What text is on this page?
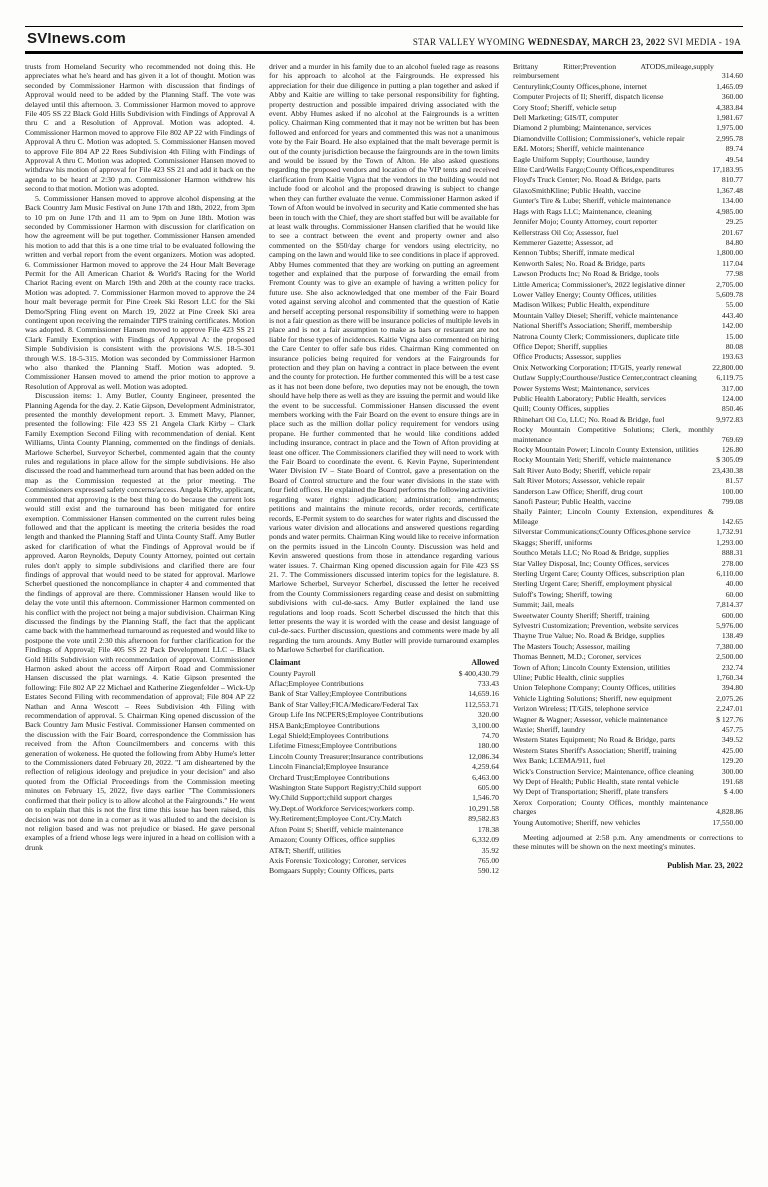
SVInews.com	STAR VALLEY WYOMING WEDNESDAY, MARCH 23, 2022 SVI MEDIA - 19A

trusts from Homeland Security who recommended not doing this. He appreciates what he's heard and has given it a lot of thought. Motion was seconded by Commissioner Harmon with discussion that findings of Approval would need to be added by the Planning Staff. The vote was delayed until this afternoon. 3. Commissioner Harmon moved to approve File 405 SS 22 Black Gold Hills Subdivision with Findings of Approval A thru C and a Resolution of Approval. Motion was adopted. 4. Commissioner Harmon moved to approve File 802 AP 22 with Findings of Approval A thru C. Motion was adopted. 5. Commissioner Hansen moved to approve File 804 AP 22 Rees Subdivision 4th Filing with Findings of Approval A thru C. Motion was adopted. Commissioner Hansen moved to withdraw his motion of approval for File 423 SS 21 and add it back on the agenda to be heard at 2:30 p.m. Commissioner Harmon withdrew his second to that motion. Motion was adopted.

5. Commissioner Hansen moved to approve alcohol dispensing at the Back Country Jam Music Festival on June 17th and 18th, 2022, from 3pm to 10 pm on June 17th and 11 am to 9pm on June 18th. Motion was seconded by Commissioner Harmon with discussion for clarification on how the agreement will be put together. Commissioner Hansen amended his motion to add that this is a one time trial to be evaluated following the written and verbal report from the event organizers. Motion was adopted. 6. Commissioner Harmon moved to approve the 24 Hour Malt Beverage Permit for the All American Chariot & World's Racing for the World Chariot Racing event on March 19th and 20th at the county race tracks. Motion was adopted. 7. Commissioner Harmon moved to approve the 24 hour malt beverage permit for Pine Creek Ski Resort LLC for the Ski Demo/Spring Fling event on March 19, 2022 at Pine Creek Ski area contingent upon receiving the remainder TIPS training certificates. Motion was adopted. 8. Commissioner Hansen moved to approve File 423 SS 21 Clark Family Exemption with Findings of Approval A: the proposed Simple Subdivision is consistent with the provisions W.S. 18-5-301 through W.S. 18-5-315. Motion was seconded by Commissioner Harmon who also thanked the Planning Staff. Motion was adopted. 9. Commissioner Hansen moved to amend the prior motion to approve a Resolution of Approval as well. Motion was adopted.

Discussion items: 1. Amy Butler, County Engineer, presented the Planning Agenda for the day. 2. Katie Gipson, Development Administrator, presented the monthly development report. 3. Emmett Mavy, Planner, presented the following: File 423 SS 21 Angela Clark Kirby – Clark Family Exemption Second Filing with recommendation of denial. Kent Williams, Uinta County Planning, commented on the findings of denials. Marlowe Scherbel, Surveyor Scherbel, commented again that the county rules and regulations in place allow for the simple subdivisions. He also discussed the road and hammerhead turn around that has been added on the map as the Commission requested at the prior meeting. The Commissioners expressed safety concerns/access. Angela Kirby, applicant, commented that approving is the best thing to do because the current lots would still exist and the turnaround has been mitigated for entire exemption. Commissioner Hansen commented on the current rules being followed and that the applicant is meeting the criteria besides the road length and thanked the Planning Staff and Uinta County Staff. Amy Butler asked for clarification of what the Findings of Approval would be if approved. Aaron Reynolds, Deputy County Attorney, pointed out certain rules don't apply to simple subdivisions and clarified there are four findings of approval that would need to be stated for approval. Marlowe Scherbel questioned the noncompliance in chapter 4 and commented that the findings of approval are there. Commissioner Hansen would like to delay the vote until this afternoon. Commissioner Harmon commented on his conflict with the project not being a major subdivision. Chairman King discussed the findings by the Planning Staff, the fact that the applicant came back with the hammerhead turnaround as requested and would like to postpone the vote until 2:30 this afternoon for further clarification for the Findings of Approval; File 405 SS 22 Pack Development LLC – Black Gold Hills Subdivision with recommendation of approval. Commissioner Harmon asked about the access off Airport Road and Commissioner Hansen discussed the plat warnings. 4. Katie Gipson presented the following: File 802 AP 22 Michael and Katherine Ziegenfelder – Wick-Up Estates Second Filing with recommendation of approval; File 804 AP 22 Nathan and Anna Wescott – Rees Subdivision 4th Filing with recommendation of approval. 5. Chairman King opened discussion of the Back Country Jam Music Festival. Commissioner Hansen commented on the discussion with the Fair Board, correspondence the Commission has received from the Afton Councilmembers and concerns with this generation of wokeness. He quoted the following from Abby Hume's letter to the Commissioners dated February 20, 2022. "I am disheartened by the reflection of religious ideology and prejudice in your decision" and also quoted from the Official Proceedings from the Commission meeting minutes on February 15, 2022, five days earlier "The Commissioners confirmed that their policy is to allow alcohol at the Fairgrounds." He went on to explain that this is not the first time this issue has been raised, this decision was not done in a corner as it was alluded to and the decision is not religion based and was not prejudice or biased. He gave personal examples of a friend whose legs were injured in a head on collision with a drunk

driver and a murder in his family due to an alcohol fueled rage as reasons for his approach to alcohol at the Fairgrounds. He expressed his appreciation for their due diligence in putting a plan together and asked if Abby and Kaitie are willing to take personal responsibility for fighting, property destruction and possible impaired driving associated with the event. Abby Humes asked if no alcohol at the Fairgrounds is a written policy. Chairman King commented that it may not be written but has been followed and enforced for years and commented this was not a unanimous vote by the Fair Board. He also explained that the malt beverage permit is out of the county jurisdiction because the fairgrounds are in the town limits and would be issued by the Town of Alton. He also asked questions regarding the proposed vendors and location of the VIP tents and received clarification from Kaitie Vigna that the vendors in the building would not include food or alcohol and the proposed drawing is subject to change when they can further evaluate the venue. Commissioner Harmon asked if Town of Afton would be involved in security and Katie commented she has been in touch with the Chief, they are short staffed but will be available for at least walk throughs. Commissioner Hansen clarified that he would like to see a contract between the event and property owner and also commented on the $50/day charge for vendors using electricity, no camping on the lawn and would like to see conditions in place if approved. Abby Humes commented that they are working on putting an agreement together and explained that the purpose of forwarding the email from Fremont County was to give an example of having a written policy for future use. She also acknowledged that one member of the Fair Board voted against serving alcohol and commented that the question of Katie and herself accepting personal responsibility if something were to happen is not a fair question as there will be insurance policies of multiple levels in place and is not a fair assumption to make as bars or restaurant are not liable for these types of incidences. Kaitie Vigna also commented on hiring the Care Center to offer safe bus rides. Chairman King commented on insurance policies being required for vendors at the Fairgrounds for protection and they plan on having a contract in place between the event and the county for protection. He further commented this will be a test case as it has not been done before, two deputies may not be enough, the town should have help there as well as they are issuing the permit and would like the event to be successful. Commissioner Hansen discussed the event members working with the Fair Board on the event to ensure things are in place such as the million dollar policy requirement for vendors using propane. He further commented that he would like conditions added including insurance, contract in place and the Town of Afton providing at least one officer. The Commissioners clarified they will need to work with the Fair Board to coordinate the event. 6. Kevin Payne, Superintendent Water Division IV – State Board of Control, gave a presentation on the Board of Control structure and the four water divisions in the state with four field offices. He explained the Board performs the following activities regarding water rights: adjudication; administration; amendments; petitions and maintains the minute records, order records, certificate records, E-Permit system to do searches for water rights and discussed the various water division and allocations and answered questions regarding ponds and water permits. Chairman King would like to receive information on the permits issued in the Lincoln County. Discussion was held and Kevin answered questions from those in attendance regarding various water issues. 7. Chairman King opened discussion again for File 423 SS 21. 7. The Commissioners discussed interim topics for the legislature. 8. Marlowe Scherbel, Surveyor Scherbel, discussed the letter he received from the County Commissioners regarding cease and desist on submitting subdivisions with cul-de-sacs. Amy Butler explained the land use regulations and loop roads. Scott Scherbel discussed the hitch that this letter presents the way it is worded with the cease and desist language of cul-de-sacs. Further discussion, questions and comments were made by all regarding the turn arounds. Amy Butler will provide turnaround examples to Marlowe Scherbel for clarification.

Claimant	Allowed
County Payroll	$ 400,430.79
Aflac;Employee Contributions	733.43
Bank of Star Valley;Employee Contributions	14,659.16
Bank of Star Valley;FICA/Medicare/Federal Tax	112,553.71
Group Life Ins NCPERS;Employee Contributions	320.00
HSA Bank;Employee Contributions	3,100.00
Legal Shield;Employees Contributions	74.70
Lifetime Fitness;Employee Contributions	180.00
Lincoln County Treasurer;Insurance contributions	12,086.34
Lincoln Financial;Employee Insurance	4,259.64
Orchard Trust;Employee Contributions	6,463.00
Washington State Support Registry;Child support	605.00
Wy.Child Support;child support charges	1,546.70
Wy.Dept.of Workforce Services;workers comp.	10,291.58
Wy.Retirement;Employee Cont./Cty.Match	89,582.83
Afton Point S; Sheriff, vehicle maintenance	178.38
Amazon; County Offices, office supplies	6,332.09
AT&T; Sheriff, utilities	35.92
Axis Forensic Toxicology; Coroner, services	765.00
Bomgaars Supply; County Offices, parts	590.12
Brittany Ritter;Prevention ATODS,mileage,supply reimbursement	314.60
Centurylink;County Offices,phone, internet	1,465.09
Computer Projects of Il; Sheriff, dispatch license	360.00
Cory Stoof; Sheriff, vehicle setup	4,383.84
Dell Marketing; GIS/IT, computer	1,981.67
Diamond 2 plumbing; Maintenance, services	1,975.00
Diamondville Collision; Commissioner's, vehicle repair	2,995.78
E&L Motors; Sheriff, vehicle maintenance	89.74
Eagle Uniform Supply; Courthouse, laundry	49.54
Elite Card/Wells Fargo;County Offices,expenditures	17,183.95
Floyd's Truck Center; No. Road & Bridge, parts	810.77
GlaxoSmithKline; Public Health, vaccine	1,367.48
Gunter's Tire & Lube; Sheriff, vehicle maintenance	134.00
Hags with Rags LLC; Maintenance, cleaning	4,985.00
Jennifer Mojo; County Attorney, court reporter	29.25
Kellerstrass Oil Co; Assessor, fuel	201.67
Kemmerer Gazette; Assessor, ad	84.80
Kennon Tubbs; Sheriff, inmate medical	1,800.00
Kenworth Sales; No. Road & Bridge, parts	117.04
Lawson Products Inc; No Road & Bridge, tools	77.98
Little America; Commissioner's, 2022 legislative dinner	2,705.00
Lower Valley Energy; County Offices, utilities	5,609.78
Madison Wilkes; Public Health, expenditure	55.00
Mountain Valley Diesel; Sheriff, vehicle maintenance	443.40
National Sheriff's Association; Sheriff, membership	142.00
Natrona County Clerk; Commissioners, duplicate title	15.00
Office Depot; Sheriff, supplies	80.08
Office Products; Assessor, supplies	193.63
Onix Networking Corporation; IT/GIS, yearly renewal	22,800.00
Outlaw Supply;Courthouse/Justice Center,contract cleaning	6,119.75
Power Systems West; Maintenance, services	317.00
Public Health Laboratory; Public Health, services	124.00
Quill; County Offices, supplies	850.46
Rhinehart Oil Co, LLC; No. Road & Bridge, fuel	9,972.83
Rocky Mountain Competitive Solutions; Clerk, monthly maintenance	769.69
Rocky Mountain Power; Lincoln County Extension, utilities	126.80
Rocky Mountain Yeti; Sheriff, vehicle maintenance	$ 305.09
Salt River Auto Body; Sheriff, vehicle repair	23,430.38
Salt River Motors; Assessor, vehicle repair	81.57
Sanderson Law Office; Sheriff, drug court	100.00
Sanofi Pasteur; Public Health, vaccine	799.08
Shaily Painter; Lincoln County Extension, expenditures & Mileage	142.65
Silverstar Communications;County Offices,phone service	1,732.91
Skaggs; Sheriff, uniforms	1,293.00
Southco Metals LLC; No Road & Bridge, supplies	888.31
Star Valley Disposal, Inc; County Offices, services	278.00
Sterling Urgent Care; County Offices, subscription plan	6,110.00
Sterling Urgent Care; Sheriff, employment physical	40.00
Suloff's Towing; Sheriff, towing	60.00
Summit; Jail, meals	7,814.37
Sweetwater County Sheriff; Sheriff, training	600.00
Sylvestri Customization; Prevention, website services	5,976.00
Thayne True Value; No. Road & Bridge, supplies	138.49
The Masters Touch; Assessor, mailing	7,380.00
Thomas Bennett, M.D.; Coroner, services	2,500.00
Town of Afton; Lincoln County Extension, utilities	232.74
Uline; Public Health, clinic supplies	1,760.34
Union Telephone Company; County Offices, utilities	394.80
Vehicle Lighting Solutions; Sheriff, new equipment	2,075.26
Verizon Wireless; IT/GIS, telephone service	2,247.01
Wagner & Wagner; Assessor, vehicle maintenance	$ 127.76
Waxie; Sheriff, laundry	457.75
Western States Equipment; No Road & Bridge, parts	349.52
Western States Sheriff's Association; Sheriff, training	425.00
Wex Bank; LCEMA/911, fuel	129.20
Wick's Construction Service; Maintenance, office cleaning	300.00
Wy Dept of Health; Public Health, state rental vehicle	191.68
Wy Dept of Transportation; Sheriff, plate transfers	$ 4.00
Xerox Corporation; County Offices, monthly maintenance charges	4,828.86
Young Automotive; Sheriff, new vehicles	17,550.00

Meeting adjourned at 2:58 p.m. Any amendments or corrections to these minutes will be shown on the next meeting's minutes.

Publish Mar. 23, 2022
